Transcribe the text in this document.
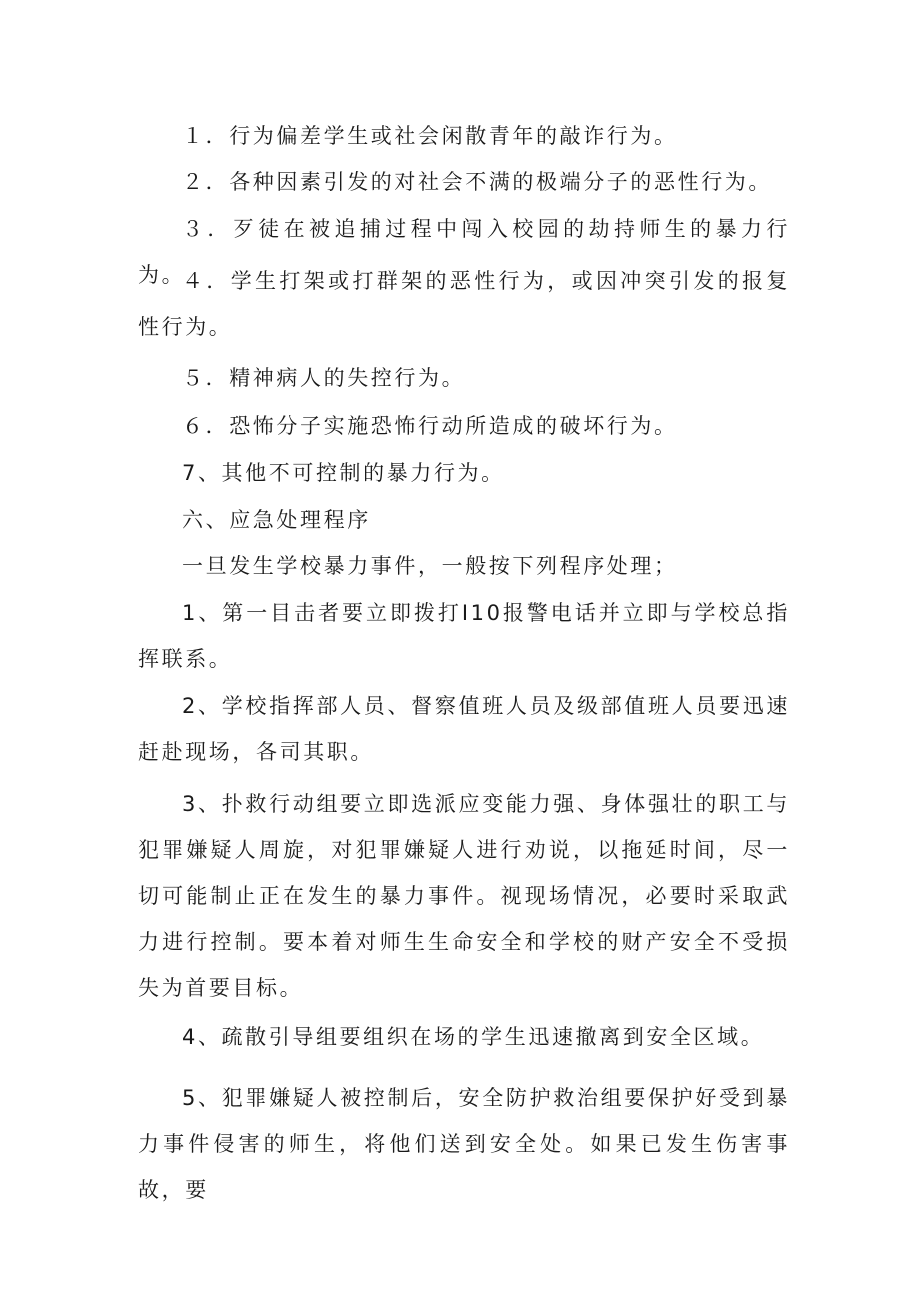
１．行为偏差学生或社会闲散青年的敲诈行为。

２．各种因素引发的对社会不满的极端分子的恶性行为。

３．歹徒在被追捕过程中闯入校园的劫持师生的暴力行为。

４．学生打架或打群架的恶性行为，或因冲突引发的报复性行为。

５．精神病人的失控行为。

６．恐怖分子实施恐怖行动所造成的破坏行为。

7、其他不可控制的暴力行为。

六、应急处理程序

一旦发生学校暴力事件，一般按下列程序处理；

1、第一目击者要立即拨打I10报警电话并立即与学校总指挥联系。

2、学校指挥部人员、督察值班人员及级部值班人员要迅速赶赴现场，各司其职。

3、扑救行动组要立即选派应变能力强、身体强壮的职工与犯罪嫌疑人周旋，对犯罪嫌疑人进行劝说，以拖延时间，尽一切可能制止正在发生的暴力事件。视现场情况，必要时采取武力进行控制。要本着对师生生命安全和学校的财产安全不受损失为首要目标。

4、疏散引导组要组织在场的学生迅速撤离到安全区域。

5、犯罪嫌疑人被控制后，安全防护救治组要保护好受到暴力事件侵害的师生，将他们送到安全处。如果已发生伤害事故，要
